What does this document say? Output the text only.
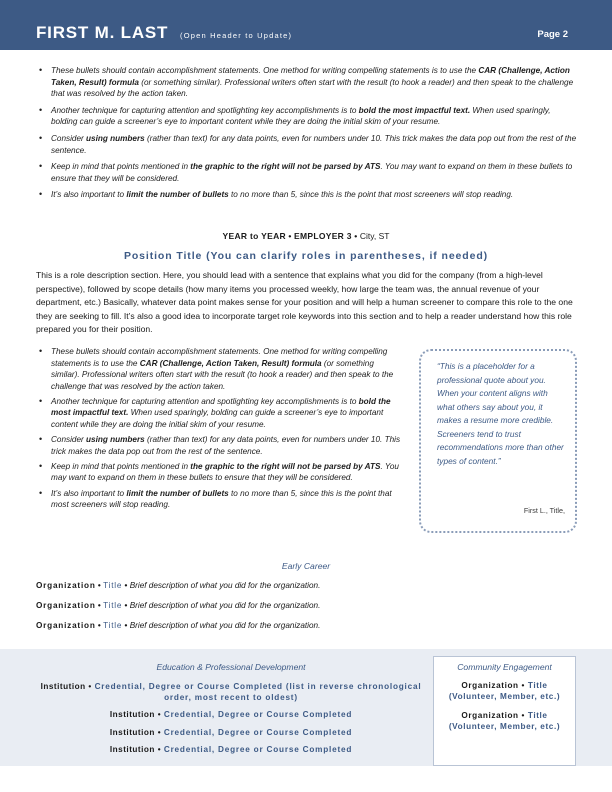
FIRST M. LAST (Open Header to Update)	Page 2
• These bullets should contain accomplishment statements. One method for writing compelling statements is to use the CAR (Challenge, Action Taken, Result) formula (or something similar). Professional writers often start with the result (to hook a reader) and then speak to the challenge that was resolved by the action taken.
• Another technique for capturing attention and spotlighting key accomplishments is to bold the most impactful text. When used sparingly, bolding can guide a screener’s eye to important content while they are doing the initial skim of your resume.
• Consider using numbers (rather than text) for any data points, even for numbers under 10. This trick makes the data pop out from the rest of the sentence.
• Keep in mind that points mentioned in the graphic to the right will not be parsed by ATS. You may want to expand on them in these bullets to ensure that they will be considered.
• It’s also important to limit the number of bullets to no more than 5, since this is the point that most screeners will stop reading.
YEAR to YEAR • EMPLOYER 3 • City, ST
Position Title (You can clarify roles in parentheses, if needed)
This is a role description section. Here, you should lead with a sentence that explains what you did for the company (from a high-level perspective), followed by scope details (how many items you processed weekly, how large the team was, the annual revenue of your department, etc.) Basically, whatever data point makes sense for your position and will help a human screener to compare this role to the one they are seeking to fill. It’s also a good idea to incorporate target role keywords into this section and to help a reader understand how this role prepared you for their position.
• These bullets should contain accomplishment statements. One method for writing compelling statements is to use the CAR (Challenge, Action Taken, Result) formula (or something similar). Professional writers often start with the result (to hook a reader) and then speak to the challenge that was resolved by the action taken.
• Another technique for capturing attention and spotlighting key accomplishments is to bold the most impactful text. When used sparingly, bolding can guide a screener’s eye to important content while they are doing the initial skim of your resume.
• Consider using numbers (rather than text) for any data points, even for numbers under 10. This trick makes the data pop out from the rest of the sentence.
• Keep in mind that points mentioned in the graphic to the right will not be parsed by ATS. You may want to expand on them in these bullets to ensure that they will be considered.
• It’s also important to limit the number of bullets to no more than 5, since this is the point that most screeners will stop reading.
“This is a placeholder for a professional quote about you. When your content aligns with what others say about you, it makes a resume more credible. Screeners tend to trust recommendations more than other types of content.”
First L., Title,
Early Career
Organization • Title • Brief description of what you did for the organization.
Organization • Title • Brief description of what you did for the organization.
Organization • Title • Brief description of what you did for the organization.
Education & Professional Development
Institution • Credential, Degree or Course Completed (list in reverse chronological order, most recent to oldest)
Institution • Credential, Degree or Course Completed
Institution • Credential, Degree or Course Completed
Institution • Credential, Degree or Course Completed
Community Engagement
Organization • Title (Volunteer, Member, etc.)
Organization • Title (Volunteer, Member, etc.)
